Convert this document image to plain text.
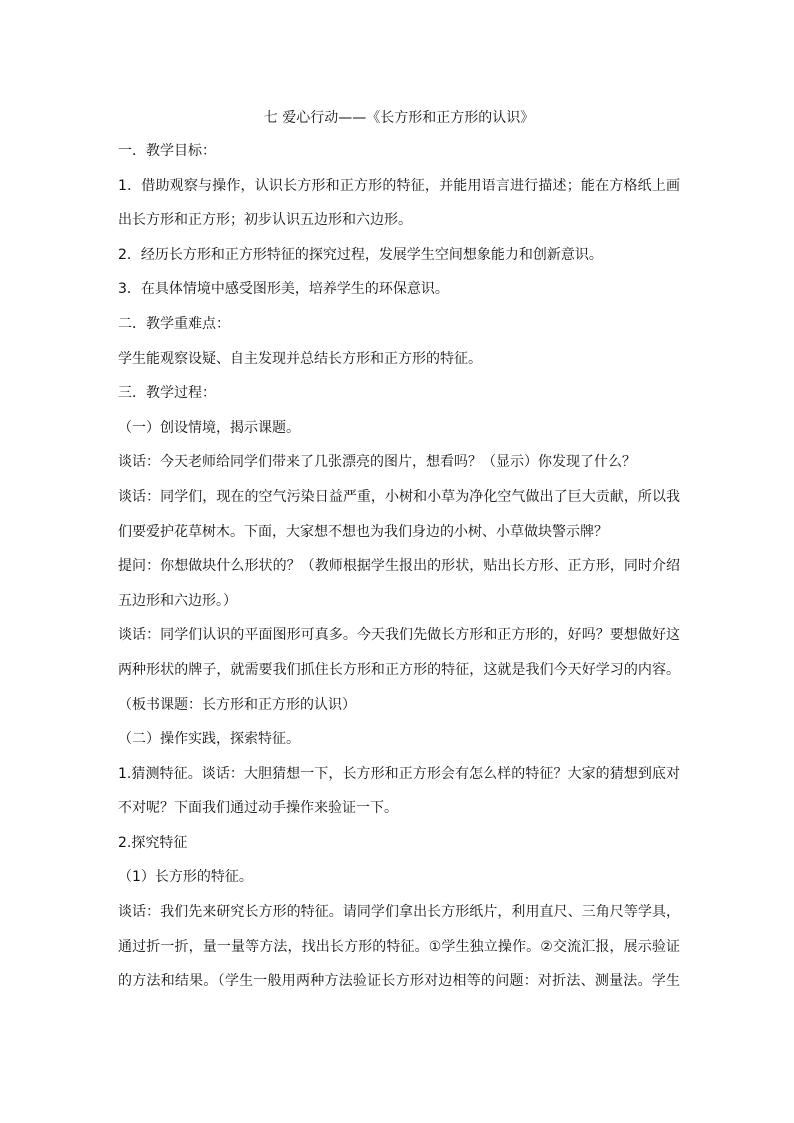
七 爱心行动——《长方形和正方形的认识》
一．教学目标：
1．借助观察与操作，认识长方形和正方形的特征，并能用语言进行描述；能在方格纸上画
出长方形和正方形；初步认识五边形和六边形。
2．经历长方形和正方形特征的探究过程，发展学生空间想象能力和创新意识。
3．在具体情境中感受图形美，培养学生的环保意识。
二．教学重难点：
学生能观察设疑、自主发现并总结长方形和正方形的特征。
三．教学过程：
（一）创设情境，揭示课题。
谈话：今天老师给同学们带来了几张漂亮的图片，想看吗？（显示）你发现了什么？
谈话：同学们，现在的空气污染日益严重，小树和小草为净化空气做出了巨大贡献，所以我
们要爱护花草树木。下面，大家想不想也为我们身边的小树、小草做块警示牌？
提问：你想做块什么形状的？（教师根据学生报出的形状，贴出长方形、正方形，同时介绍
五边形和六边形。）
谈话：同学们认识的平面图形可真多。今天我们先做长方形和正方形的，好吗？要想做好这
两种形状的牌子，就需要我们抓住长方形和正方形的特征，这就是我们今天好学习的内容。
（板书课题：长方形和正方形的认识）
（二）操作实践，探索特征。
1.猜测特征。谈话：大胆猜想一下，长方形和正方形会有怎么样的特征？大家的猜想到底对
不对呢？下面我们通过动手操作来验证一下。
2.探究特征
（1）长方形的特征。
谈话：我们先来研究长方形的特征。请同学们拿出长方形纸片，利用直尺、三角尺等学具，
通过折一折，量一量等方法，找出长方形的特征。①学生独立操作。②交流汇报，展示验证
的方法和结果。（学生一般用两种方法验证长方形对边相等的问题：对折法、测量法。学生
